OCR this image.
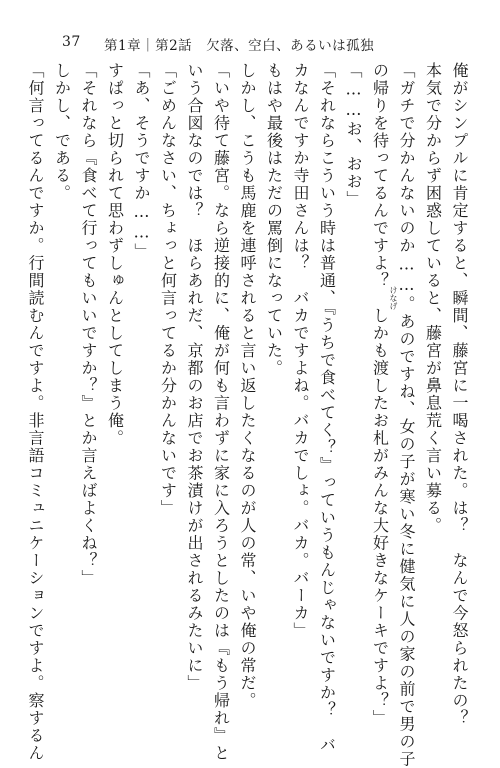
37 第1章｜第2話　欠落、空白、あるいは孤独

俺がシンプルに肯定すると、瞬間、藤宮に一喝された。は？　なんで今怒られたの？

本気で分からず困惑していると、藤宮が鼻息荒く言い募る。

「ガチで分かんないのか……。あのですね、女の子が寒い冬に健気に人の家の前で男の子

の帰りを待ってるんですよ？　しかも渡したお札がみんな大好きなケーキですよ？」

「……お、おお」

「それならこういう時は普通、『うちで食べてく？』っていうもんじゃないですか？　バ

カなんですか寺田さんは？　バカですよね。バカでしょ。バカ。バーカ」

もはや最後はただの罵倒になっていた。

しかし、こうも馬鹿を連呼されると言い返したくなるのが人の常、いや俺の常だ。

「いや待て藤宮。なら逆接的に、俺が何も言わずに家に入ろうとしたのは『もう帰れ』と

いう合図なのでは？　ほらあれだ、京都のお店でお茶漬けが出されるみたいに」

「ごめんなさい、ちょっと何言ってるか分かんないです」

「あ、そうですか……」

すぱっと切られて思わずしゅんとしてしまう俺。

「それなら『食べて行ってもいいですか？』とか言えばよくね？」

しかし、である。

「何言ってるんですか。行間読むんですよ。非言語コミュニケーションですよ。察するん	けなげ
